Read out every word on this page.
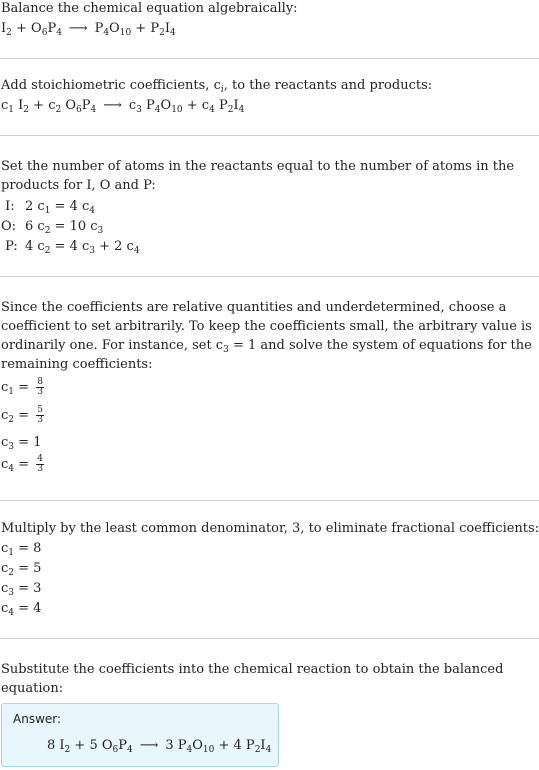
Balance the chemical equation algebraically:
$I_2 + O_6P_4$ ⟶ $P_4O_{10} + P_2I_4$
Add stoichiometric coefficients, $c_i$, to the reactants and products:
$c_1$ $I_2 + c_2$ $O_6P_4$ ⟶ $c_3$ $P_4O_{10} + c_4$ $P_2I_4$
Set the number of atoms in the reactants equal to the number of atoms in the
products for I, O and P:
I: 2 $c_1 = 4$ $c_4$
O: 6 $c_2 = 10$ $c_3$
P: 4 $c_2 = 4$ $c_3 + 2$ $c_4$
Since the coefficients are relative quantities and underdetermined, choose a
coefficient to set arbitrarily. To keep the coefficients small, the arbitrary value is
ordinarily one. For instance, set $c_3 = 1$ and solve the system of equations for the
remaining coefficients:
$c_1 = \frac{8}{3}$
$c_2 = \frac{5}{3}$
$c_3 = 1$
$c_4 = \frac{4}{3}$
Multiply by the least common denominator, 3, to eliminate fractional coefficients:
$c_1 = 8$
$c_2 = 5$
$c_3 = 3$
$c_4 = 4$
Substitute the coefficients into the chemical reaction to obtain the balanced
equation:
Answer:
8 $I_2 + 5$ $O_6P_4$ ⟶ 3 $P_4O_{10} + 4$ $P_2I_4$
